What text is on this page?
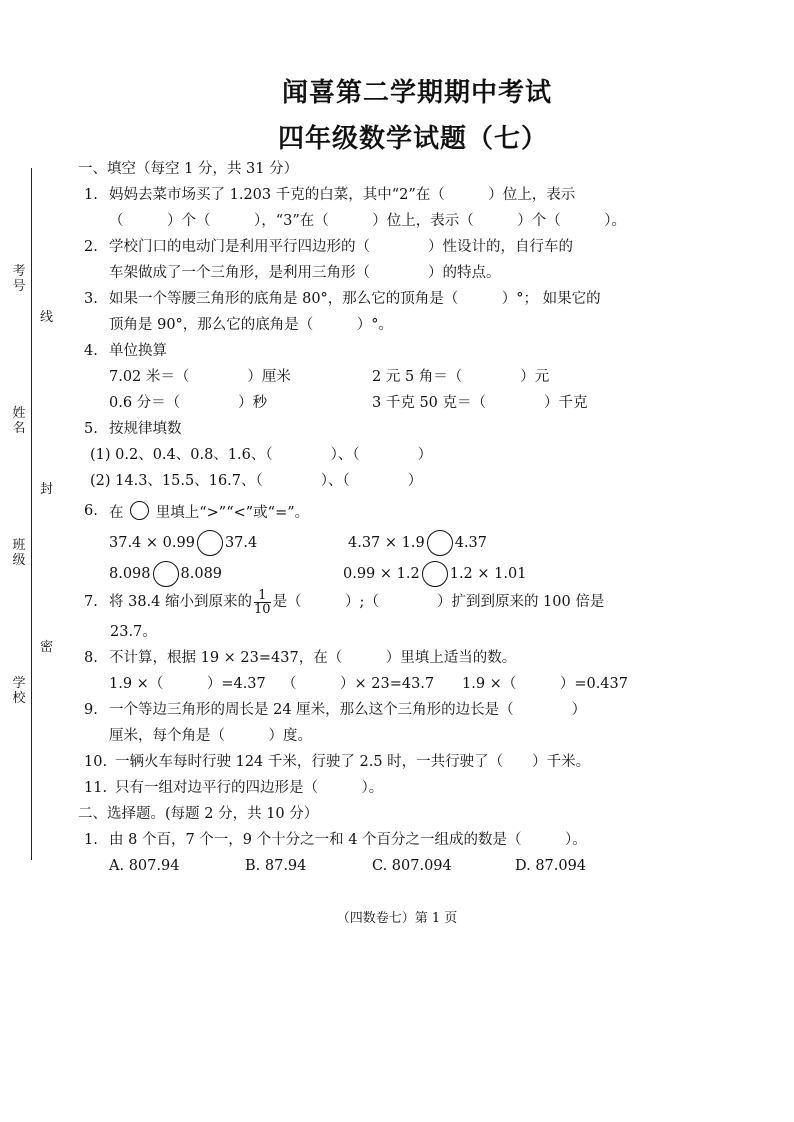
闻喜第二学期期中考试
四年级数学试题（七）
考号
姓名
班级
学校
线
封
密
一、填空（每空 1 分，共 31 分）
1. 妈妈去菜市场买了 1.203 千克的白菜，其中“2”在（　　　）位上，表示
（　　　）个（　　　），“3”在（　　　）位上，表示（　　　）个（　　　）。
2. 学校门口的电动门是利用平行四边形的（　　　　）性设计的，自行车的
车架做成了一个三角形，是利用三角形（　　　　）的特点。
3. 如果一个等腰三角形的底角是 80°，那么它的顶角是（　　　）°； 如果它的
顶角是 90°，那么它的底角是（　　　）°。
4. 单位换算
7.02 米＝（　　　　）厘米	2 元 5 角＝（　　　　）元
0.6 分＝（　　　　）秒	3 千克 50 克＝（　　　　）千克
5. 按规律填数
(1) 0.2、0.4、0.8、1.6、（　　　　）、（　　　　）
(2) 14.3、15.5、16.7、（　　　　）、（　　　　）
6. 在 里填上“>”“<”或“=”。
37.4 × 0.99 37.4	4.37 × 1.9 4.37
8.098 8.089	0.99 × 1.2 1.2 × 1.01
7. 将 38.4 缩小到原来的 $\frac{1}{10}$ 是（　　　）;（　　　　）扩到到原来的 100 倍是
23.7。
8. 不计算，根据 19 × 23=437，在（　　　）里填上适当的数。
1.9 ×（　　　）=4.37 （　　　）× 23=43.7 1.9 ×（　　　）=0.437
9. 一个等边三角形的周长是 24 厘米，那么这个三角形的边长是（　　　　）
厘米，每个角是（　　　）度。
10. 一辆火车每时行驶 124 千米，行驶了 2.5 时，一共行驶了（　　）千米。
11. 只有一组对边平行的四边形是（　　　）。
二、选择题。(每题 2 分，共 10 分）
1. 由 8 个百，7 个一，9 个十分之一和 4 个百分之一组成的数是（　　　）。
A. 807.94	B. 87.94	C. 807.094	D. 87.094
（四数卷七）第 1 页
